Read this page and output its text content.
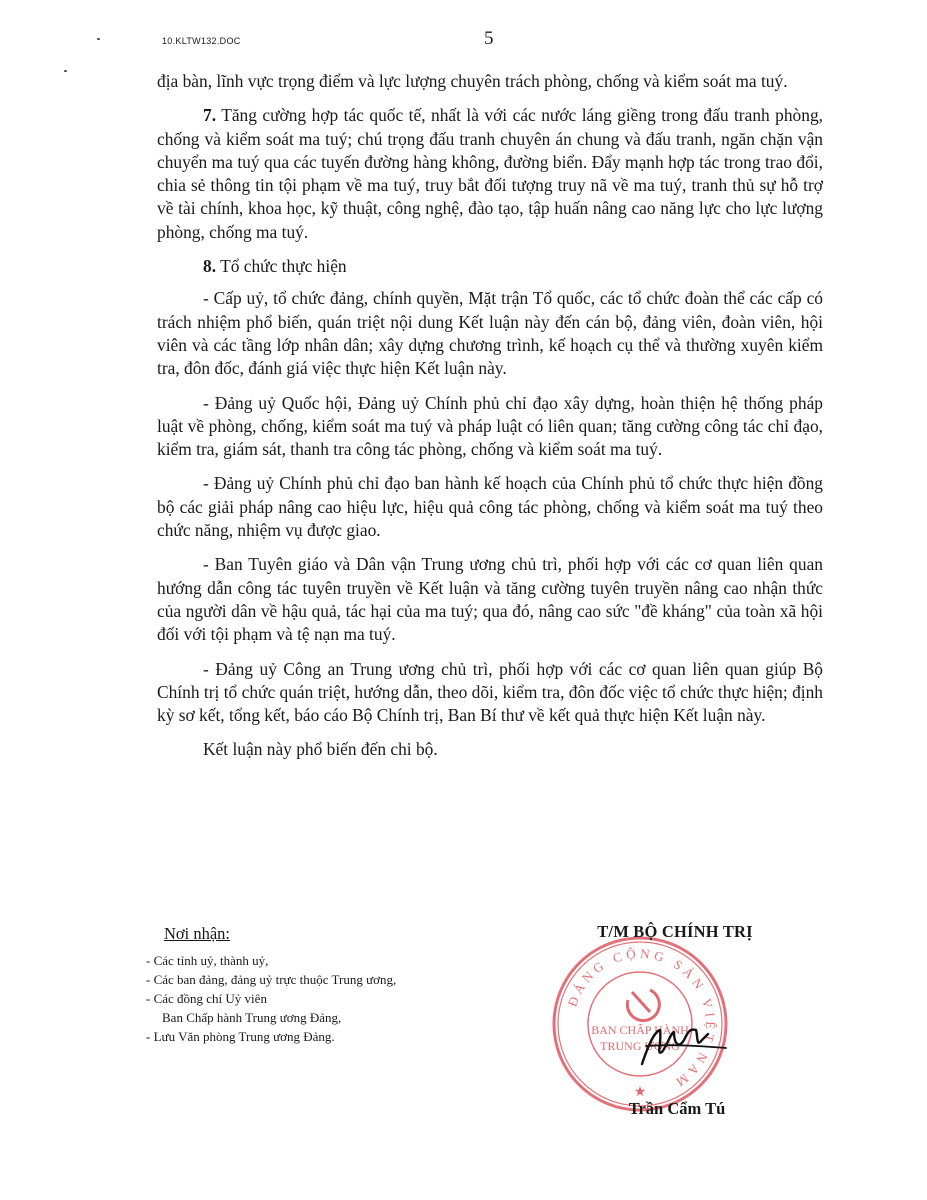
10.KLTW132.DOC	5

địa bàn, lĩnh vực trọng điểm và lực lượng chuyên trách phòng, chống và kiểm soát ma tuý.

7. Tăng cường hợp tác quốc tế, nhất là với các nước láng giềng trong đấu tranh phòng, chống và kiểm soát ma tuý; chú trọng đấu tranh chuyên án chung và đấu tranh, ngăn chặn vận chuyển ma tuý qua các tuyến đường hàng không, đường biển. Đẩy mạnh hợp tác trong trao đổi, chia sẻ thông tin tội phạm về ma tuý, truy bắt đối tượng truy nã về ma tuý, tranh thủ sự hỗ trợ về tài chính, khoa học, kỹ thuật, công nghệ, đào tạo, tập huấn nâng cao năng lực cho lực lượng phòng, chống ma tuý.

8. Tổ chức thực hiện

- Cấp uỷ, tổ chức đảng, chính quyền, Mặt trận Tổ quốc, các tổ chức đoàn thể các cấp có trách nhiệm phổ biến, quán triệt nội dung Kết luận này đến cán bộ, đảng viên, đoàn viên, hội viên và các tầng lớp nhân dân; xây dựng chương trình, kế hoạch cụ thể và thường xuyên kiểm tra, đôn đốc, đánh giá việc thực hiện Kết luận này.

- Đảng uỷ Quốc hội, Đảng uỷ Chính phủ chỉ đạo xây dựng, hoàn thiện hệ thống pháp luật về phòng, chống, kiểm soát ma tuý và pháp luật có liên quan; tăng cường công tác chỉ đạo, kiểm tra, giám sát, thanh tra công tác phòng, chống và kiểm soát ma tuý.

- Đảng uỷ Chính phủ chỉ đạo ban hành kế hoạch của Chính phủ tổ chức thực hiện đồng bộ các giải pháp nâng cao hiệu lực, hiệu quả công tác phòng, chống và kiểm soát ma tuý theo chức năng, nhiệm vụ được giao.

- Ban Tuyên giáo và Dân vận Trung ương chủ trì, phối hợp với các cơ quan liên quan hướng dẫn công tác tuyên truyền về Kết luận và tăng cường tuyên truyền nâng cao nhận thức của người dân về hậu quả, tác hại của ma tuý; qua đó, nâng cao sức "đề kháng" của toàn xã hội đối với tội phạm và tệ nạn ma tuý.

- Đảng uỷ Công an Trung ương chủ trì, phối hợp với các cơ quan liên quan giúp Bộ Chính trị tổ chức quán triệt, hướng dẫn, theo dõi, kiểm tra, đôn đốc việc tổ chức thực hiện; định kỳ sơ kết, tổng kết, báo cáo Bộ Chính trị, Ban Bí thư về kết quả thực hiện Kết luận này.

Kết luận này phổ biến đến chi bộ.

Nơi nhận:
- Các tỉnh uỷ, thành uỷ,
- Các ban đảng, đảng uỷ trực thuộc Trung ương,
- Các đồng chí Uỷ viên
Ban Chấp hành Trung ương Đảng,
- Lưu Văn phòng Trung ương Đảng.
ĐẢNG CỘNG SẢN VIỆT NAM
BAN CHẤP HÀNH
TRUNG ƯƠNG
★
T/M BỘ CHÍNH TRỊ
Trần Cẩm Tú
